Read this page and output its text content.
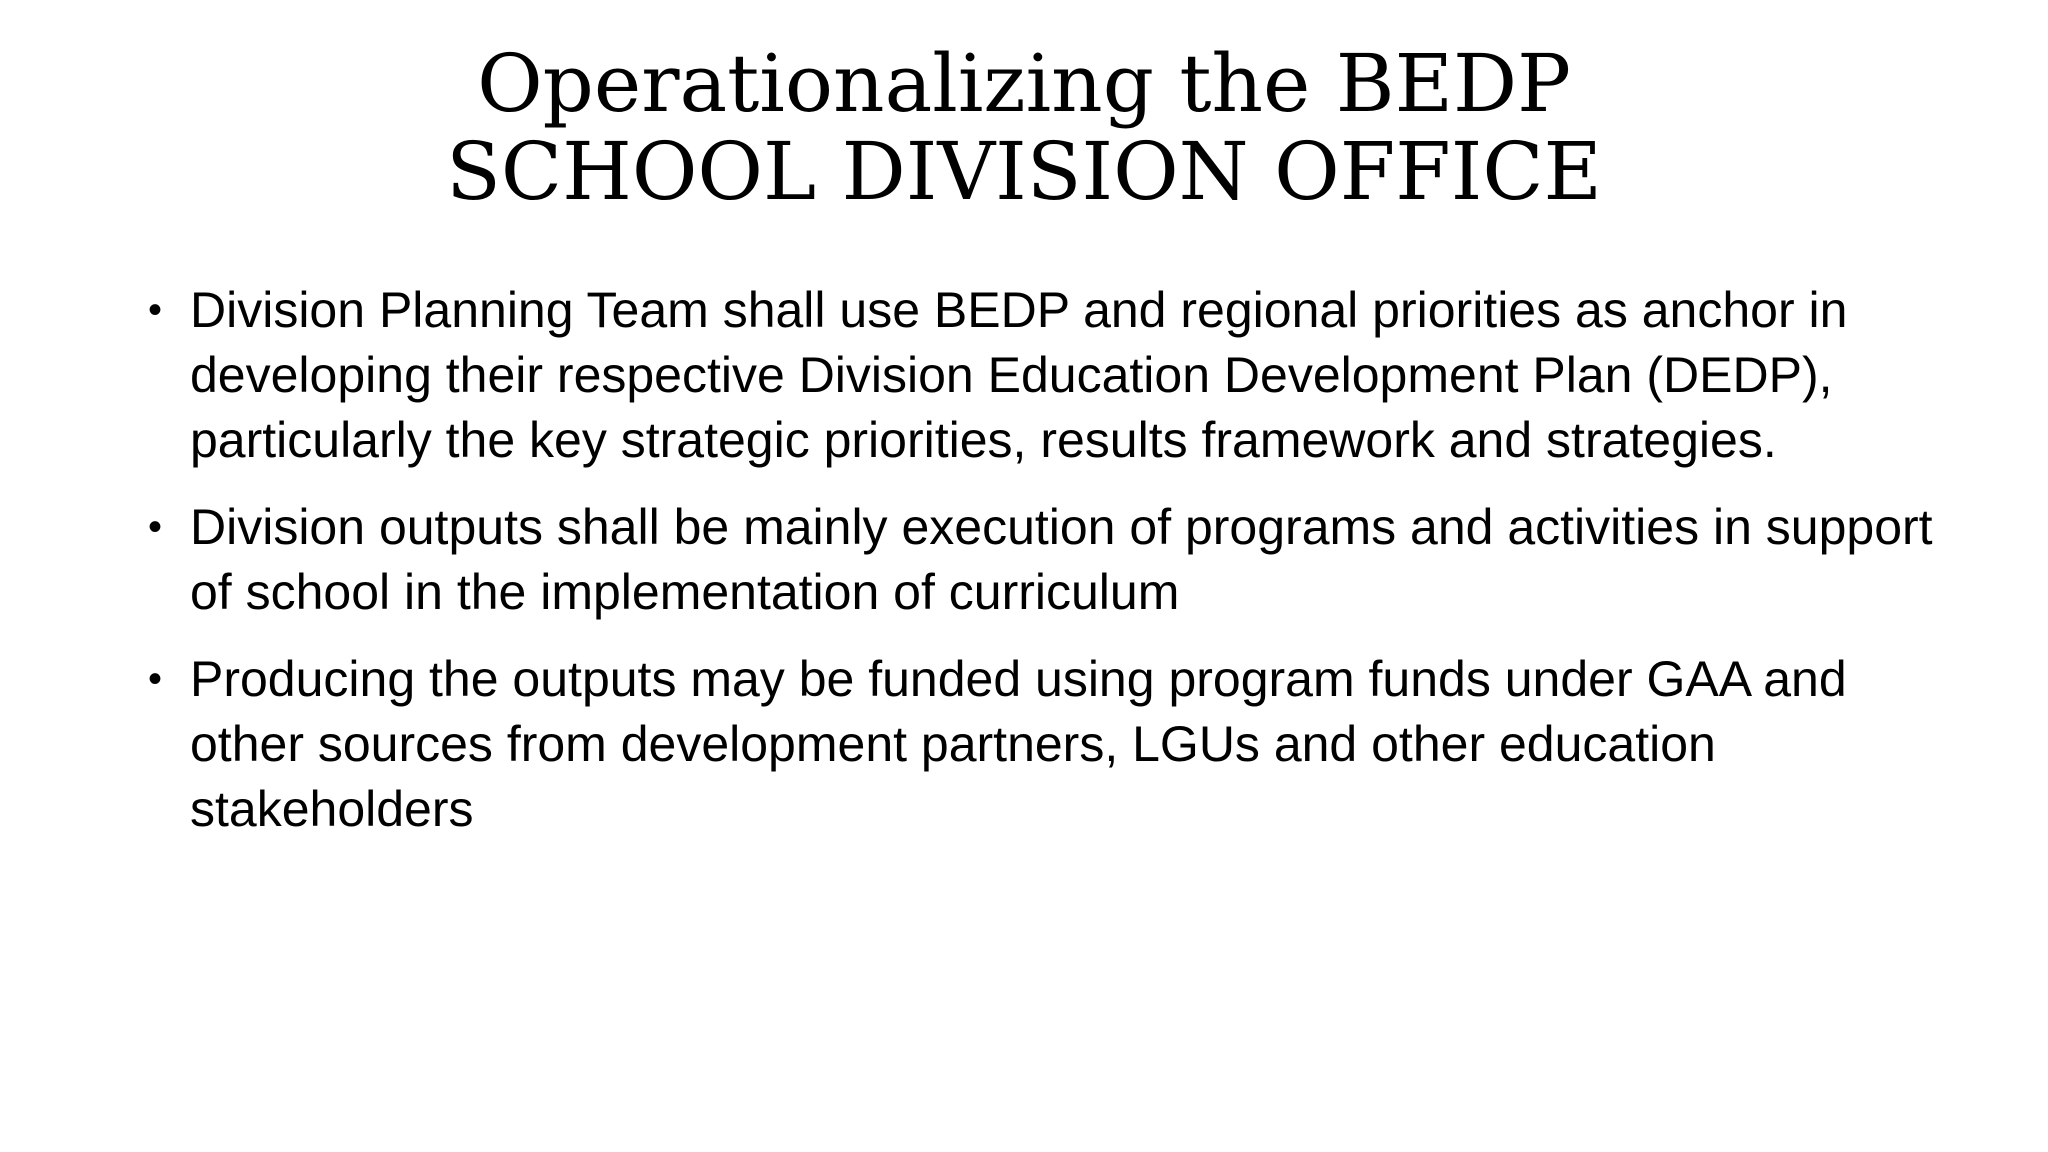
Operationalizing the BEDP
SCHOOL DIVISION OFFICE
• Division Planning Team shall use BEDP and regional priorities as anchor in developing their respective Division Education Development Plan (DEDP), particularly the key strategic priorities, results framework and strategies.
• Division outputs shall be mainly execution of programs and activities in support of school in the implementation of curriculum
• Producing the outputs may be funded using program funds under GAA and other sources from development partners, LGUs and other education stakeholders
